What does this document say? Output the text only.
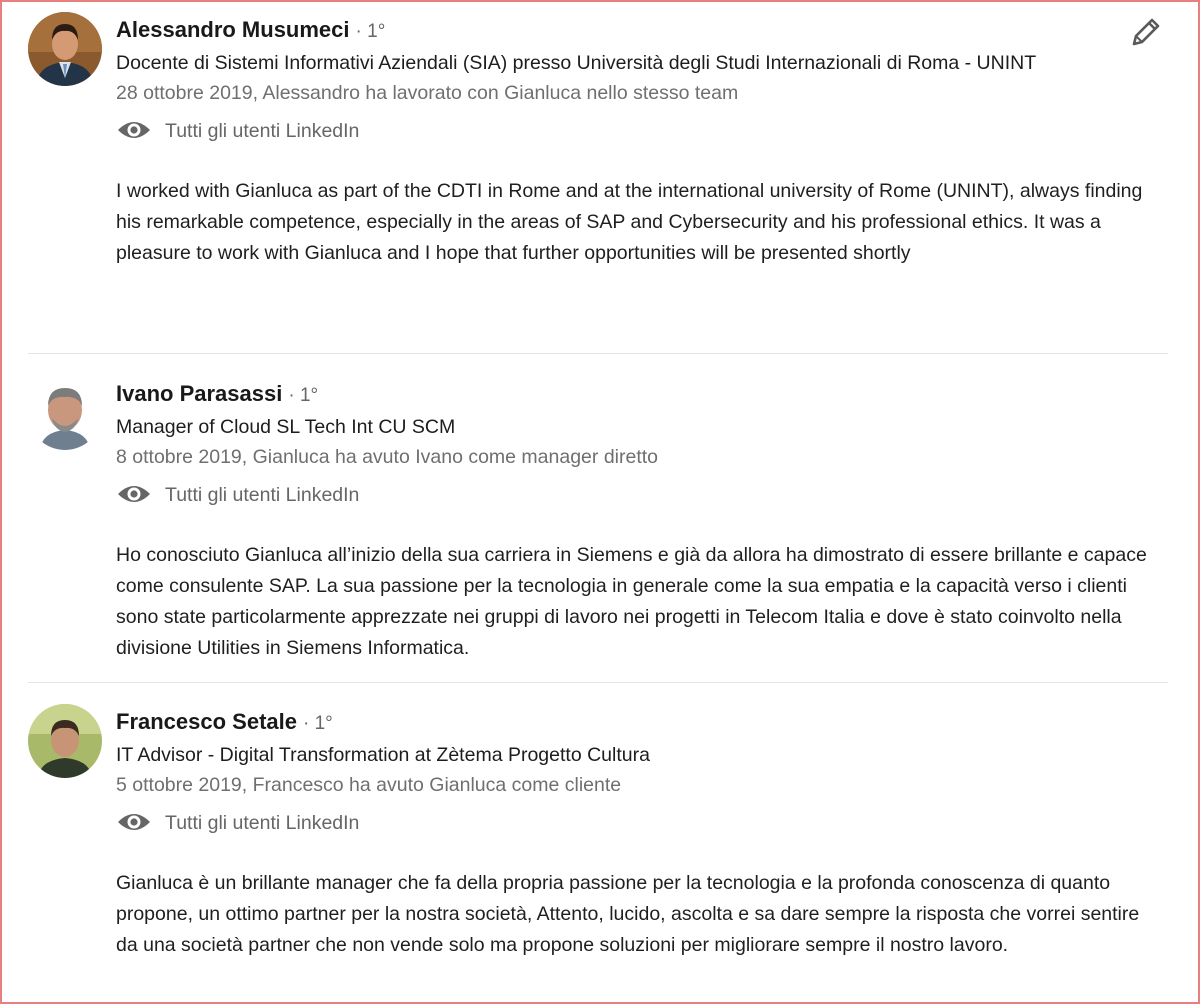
Alessandro Musumeci · 1°
Docente di Sistemi Informativi Aziendali (SIA) presso Università degli Studi Internazionali di Roma - UNINT
28 ottobre 2019, Alessandro ha lavorato con Gianluca nello stesso team
Tutti gli utenti LinkedIn
I worked with Gianluca as part of the CDTI in Rome and at the international university of Rome (UNINT), always finding his remarkable competence, especially in the areas of SAP and Cybersecurity and his professional ethics. It was a pleasure to work with Gianluca and I hope that further opportunities will be presented shortly
Ivano Parasassi · 1°
Manager of Cloud SL Tech Int CU SCM
8 ottobre 2019, Gianluca ha avuto Ivano come manager diretto
Tutti gli utenti LinkedIn
Ho conosciuto Gianluca all’inizio della sua carriera in Siemens e già da allora ha dimostrato di essere brillante e capace come consulente SAP. La sua passione per la tecnologia in generale come la sua empatia e la capacità verso i clienti sono state particolarmente apprezzate nei gruppi di lavoro nei progetti in Telecom Italia e dove è stato coinvolto nella divisione Utilities in Siemens Informatica.
Francesco Setale · 1°
IT Advisor - Digital Transformation at Zètema Progetto Cultura
5 ottobre 2019, Francesco ha avuto Gianluca come cliente
Tutti gli utenti LinkedIn
Gianluca è un brillante manager che fa della propria passione per la tecnologia e la profonda conoscenza di quanto propone, un ottimo partner per la nostra società, Attento, lucido, ascolta e sa dare sempre la risposta che vorrei sentire da una società partner che non vende solo ma propone soluzioni per migliorare sempre il nostro lavoro.
